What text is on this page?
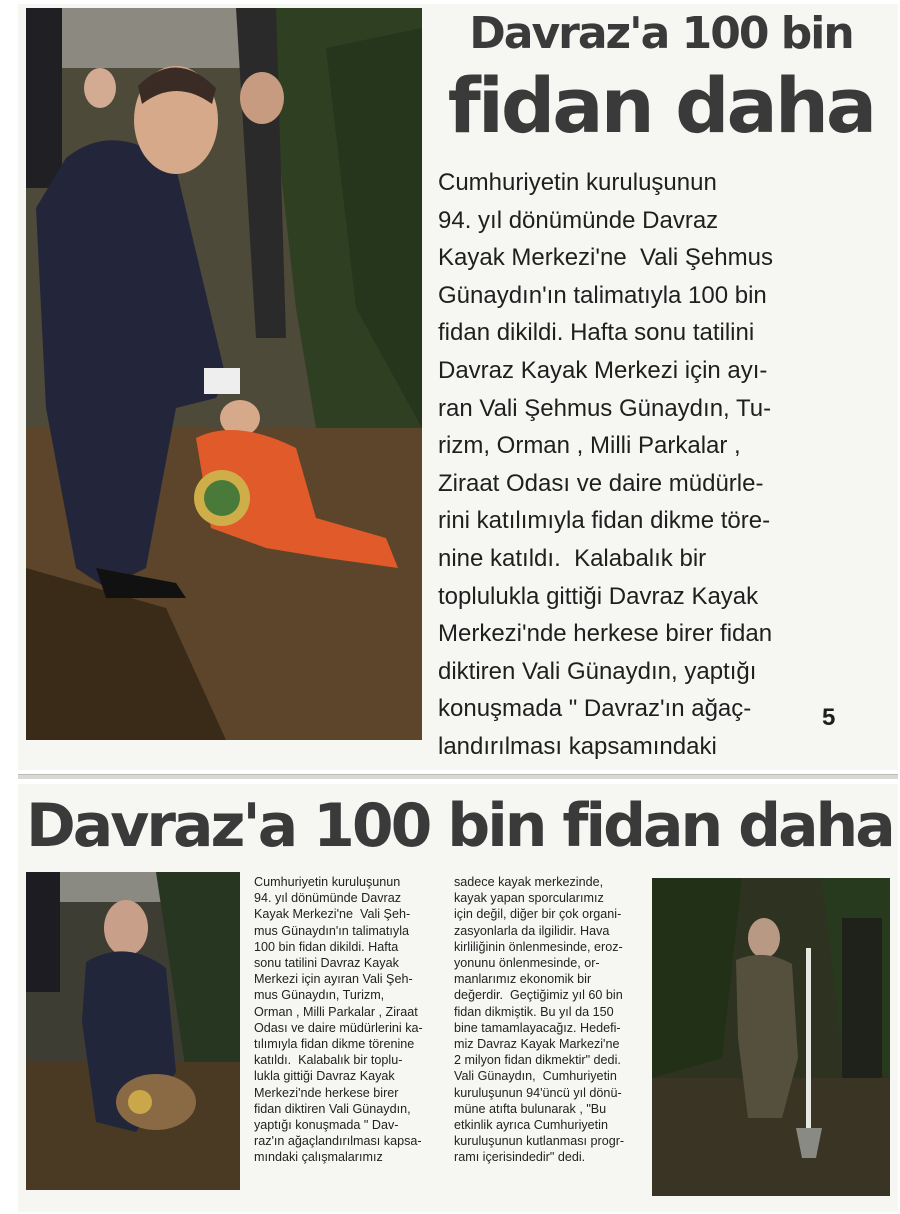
Davraz'a 100 bin
fidan daha

Cumhuriyetin kuruluşunun

94. yıl dönümünde Davraz

Kayak Merkezi'ne  Vali Şehmus

Günaydın'ın talimatıyla 100 bin

fidan dikildi. Hafta sonu tatilini

Davraz Kayak Merkezi için ayı-

ran Vali Şehmus Günaydın, Tu-

rizm, Orman , Milli Parkalar ,

Ziraat Odası ve daire müdürle-

rini katılımıyla fidan dikme töre-

nine katıldı.  Kalabalık bir

toplulukla gittiği Davraz Kayak

Merkezi'nde herkese birer fidan

diktiren Vali Günaydın, yaptığı

konuşmada " Davraz'ın ağaç-

landırılması kapsamındaki

5
Davraz'a 100 bin fidan daha

Cumhuriyetin kuruluşunun

94. yıl dönümünde Davraz

Kayak Merkezi'ne  Vali Şeh-

mus Günaydın'ın talimatıyla

100 bin fidan dikildi. Hafta

sonu tatilini Davraz Kayak

Merkezi için ayıran Vali Şeh-

mus Günaydın, Turizm,

Orman , Milli Parkalar , Ziraat

Odası ve daire müdürlerini ka-

tılımıyla fidan dikme törenine

katıldı.  Kalabalık bir toplu-

lukla gittiği Davraz Kayak

Merkezi'nde herkese birer

fidan diktiren Vali Günaydın,

yaptığı konuşmada " Dav-

raz'ın ağaçlandırılması kapsa-

mındaki çalışmalarımız

sadece kayak merkezinde,

kayak yapan sporcularımız

için değil, diğer bir çok organi-

zasyonlarla da ilgilidir. Hava

kirliliğinin önlenmesinde, eroz-

yonunu önlenmesinde, or-

manlarımız ekonomik bir

değerdir.  Geçtiğimiz yıl 60 bin

fidan dikmiştik. Bu yıl da 150

bine tamamlayacağız. Hedefi-

miz Davraz Kayak Markezi'ne

2 milyon fidan dikmektir" dedi.

Vali Günaydın,  Cumhuriyetin

kuruluşunun 94'üncü yıl dönü-

müne atıfta bulunarak , "Bu

etkinlik ayrıca Cumhuriyetin

kuruluşunun kutlanması progr-

ramı içerisindedir" dedi.
